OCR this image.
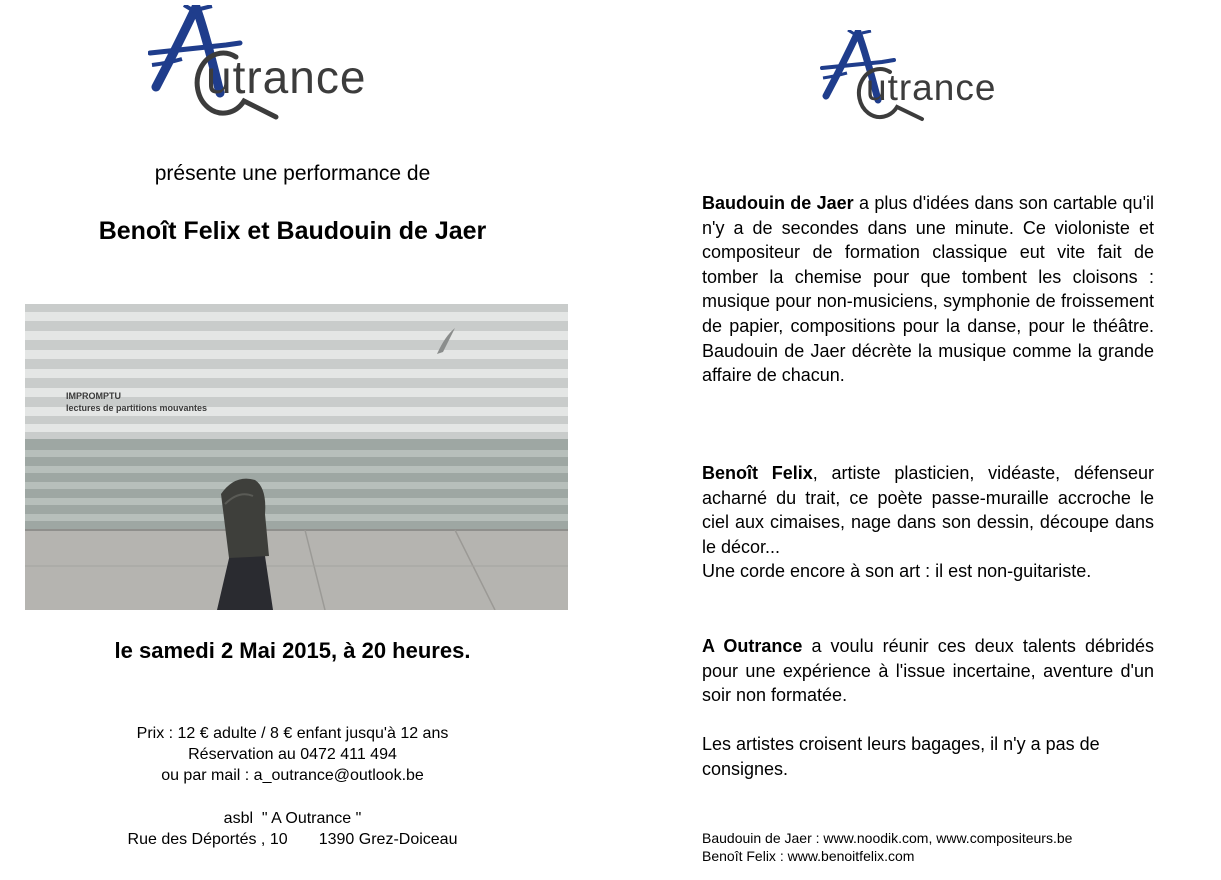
utrance
présente une performance de
Benoît Felix et Baudouin de Jaer
IMPROMPTU
lectures de partitions mouvantes
le samedi 2 Mai 2015, à 20 heures.
Prix : 12 € adulte / 8 € enfant jusqu'à 12 ans
Réservation au 0472 411 494
ou par mail : a_outrance@outlook.be
asbl  " A Outrance "
Rue des Déportés , 10       1390 Grez-Doiceau
utrance
Baudouin de Jaer a plus d'idées dans son cartable qu'il n'y a de secondes dans une minute. Ce violoniste et compositeur de formation classique eut vite fait de tomber la chemise pour que tombent les cloisons : musique pour non-musiciens, symphonie de froissement de papier, compositions pour la danse, pour le théâtre. Baudouin de Jaer décrète la musique comme la grande affaire de chacun.
Benoît Felix, artiste plasticien, vidéaste, défenseur acharné du trait, ce poète passe-muraille accroche le ciel aux cimaises, nage dans son dessin, découpe dans le décor...
Une corde encore à son art : il est non-guitariste.
A Outrance a voulu réunir ces deux talents débridés pour une expérience à l'issue incertaine, aventure d'un soir non formatée.
Les artistes croisent leurs bagages, il n'y a pas de consignes.
Baudouin de Jaer : www.noodik.com, www.compositeurs.be
Benoît Felix : www.benoitfelix.com
